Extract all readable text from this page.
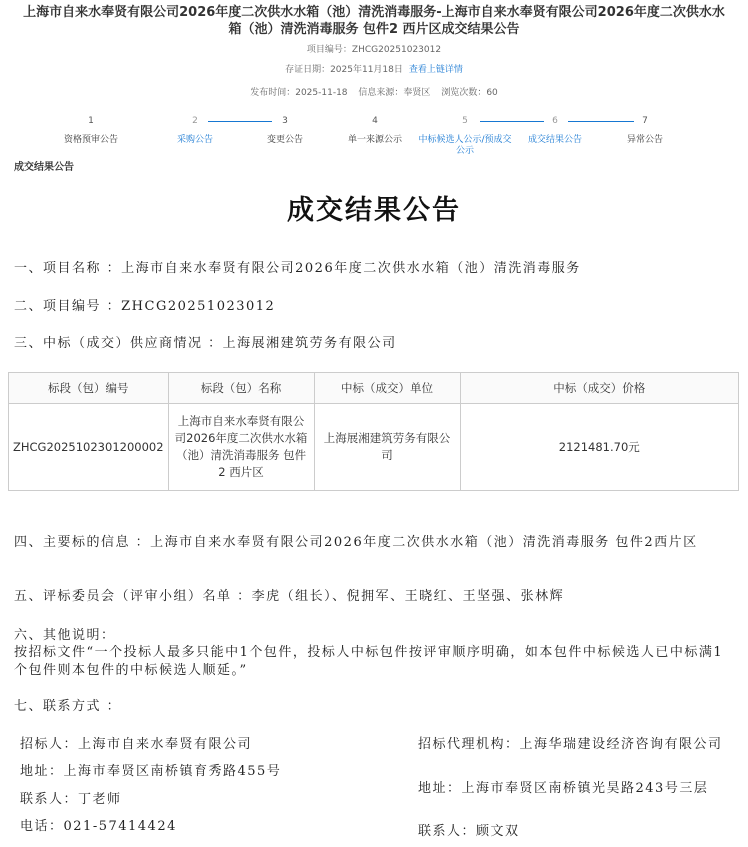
上海市自来水奉贤有限公司2026年度二次供水水箱（池）清洗消毒服务-上海市自来水奉贤有限公司2026年度二次供水水箱（池）清洗消毒服务 包件2 西片区成交结果公告
项目编号：ZHCG20251023012
存证日期：2025年11月18日 查看上链详情
发布时间：2025-11-18 信息来源：奉贤区 浏览次数：60
1
资格预审公告
2
采购公告
3
变更公告
4
单一来源公示
5
中标候选人公示/预成交公示
6
成交结果公告
7
异常公告
成交结果公告
成交结果公告
一、项目名称 ：上海市自来水奉贤有限公司2026年度二次供水水箱（池）清洗消毒服务
二、项目编号 ：ZHCG20251023012
三、中标（成交）供应商情况 ：上海展湘建筑劳务有限公司
标段（包）编号	标段（包）名称	中标（成交）单位	中标（成交）价格
ZHCG2025102301200002	上海市自来水奉贤有限公司2026年度二次供水水箱（池）清洗消毒服务 包件2 西片区	上海展湘建筑劳务有限公司	2121481.70元
四、主要标的信息 ：上海市自来水奉贤有限公司2026年度二次供水水箱（池）清洗消毒服务 包件2西片区
五、评标委员会（评审小组）名单 ：李虎（组长）、倪拥军、王晓红、王坚强、张林辉
六、其他说明：
按招标文件“一个投标人最多只能中1个包件，投标人中标包件按评审顺序明确，如本包件中标候选人已中标满1个包件则本包件的中标候选人顺延。”
七、联系方式 ：
招标人：上海市自来水奉贤有限公司
地址：上海市奉贤区南桥镇育秀路455号
联系人：丁老师
电话：021-57414424
招标代理机构：上海华瑞建设经济咨询有限公司
地址：上海市奉贤区南桥镇光昊路243号三层
联系人：顾文双
